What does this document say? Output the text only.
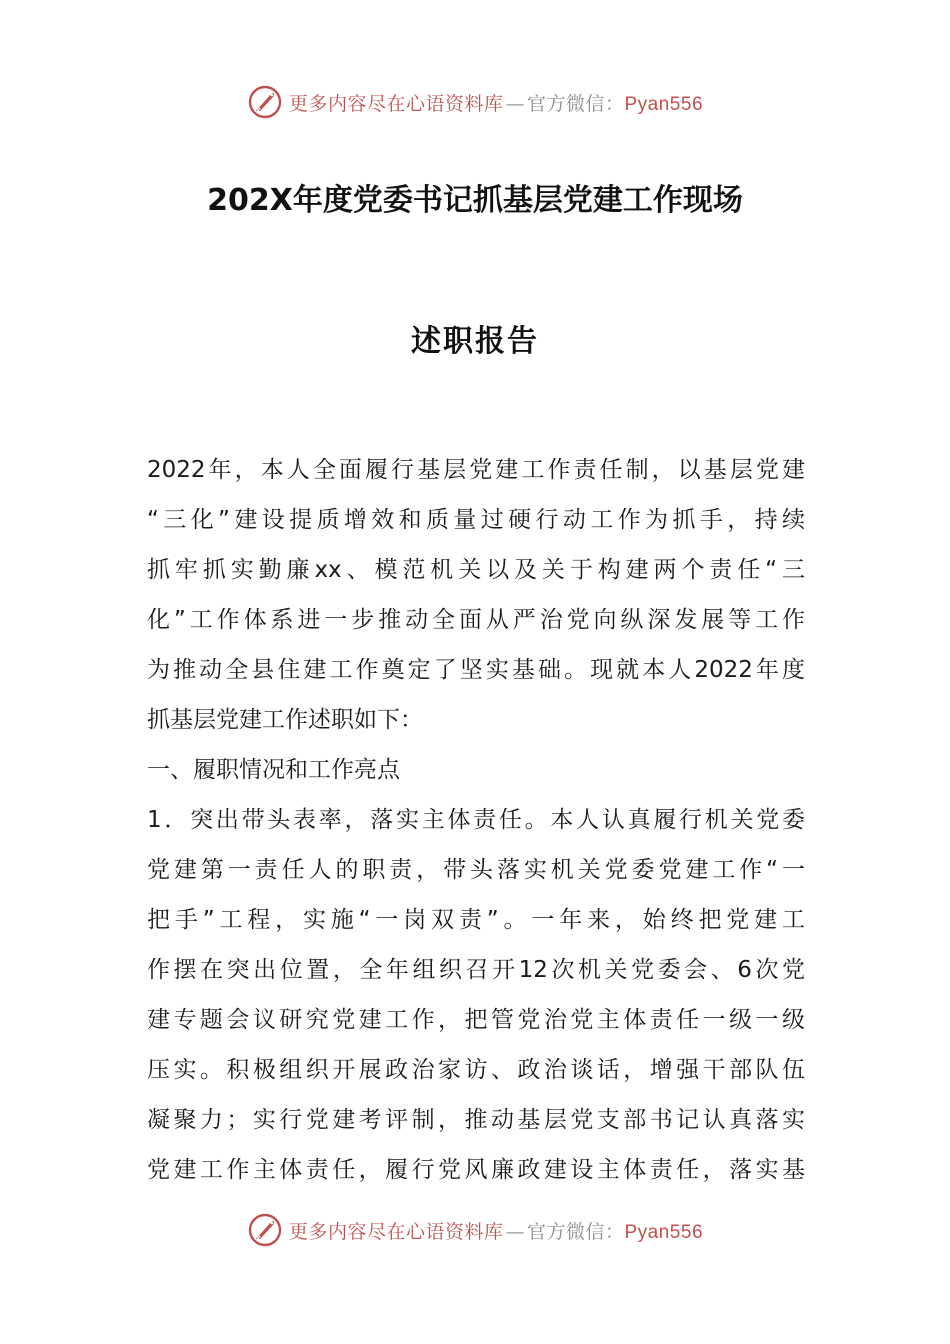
更多内容尽在心语资料库 — 官方微信：Pyan556
202X年度党委书记抓基层党建工作现场
述职报告
2022年，本人全面履行基层党建工作责任制，以基层党建
“三化”建设提质增效和质量过硬行动工作为抓手，持续
抓牢抓实勤廉xx、模范机关以及关于构建两个责任“三
化”工作体系进一步推动全面从严治党向纵深发展等工作
为推动全县住建工作奠定了坚实基础。现就本人2022年度
抓基层党建工作述职如下：
一、履职情况和工作亮点
1．突出带头表率，落实主体责任。本人认真履行机关党委
党建第一责任人的职责，带头落实机关党委党建工作“一
把手”工程，实施“一岗双责”。一年来，始终把党建工
作摆在突出位置，全年组织召开12次机关党委会、6次党
建专题会议研究党建工作，把管党治党主体责任一级一级
压实。积极组织开展政治家访、政治谈话，增强干部队伍
凝聚力；实行党建考评制，推动基层党支部书记认真落实
党建工作主体责任，履行党风廉政建设主体责任，落实基
更多内容尽在心语资料库 — 官方微信：Pyan556
